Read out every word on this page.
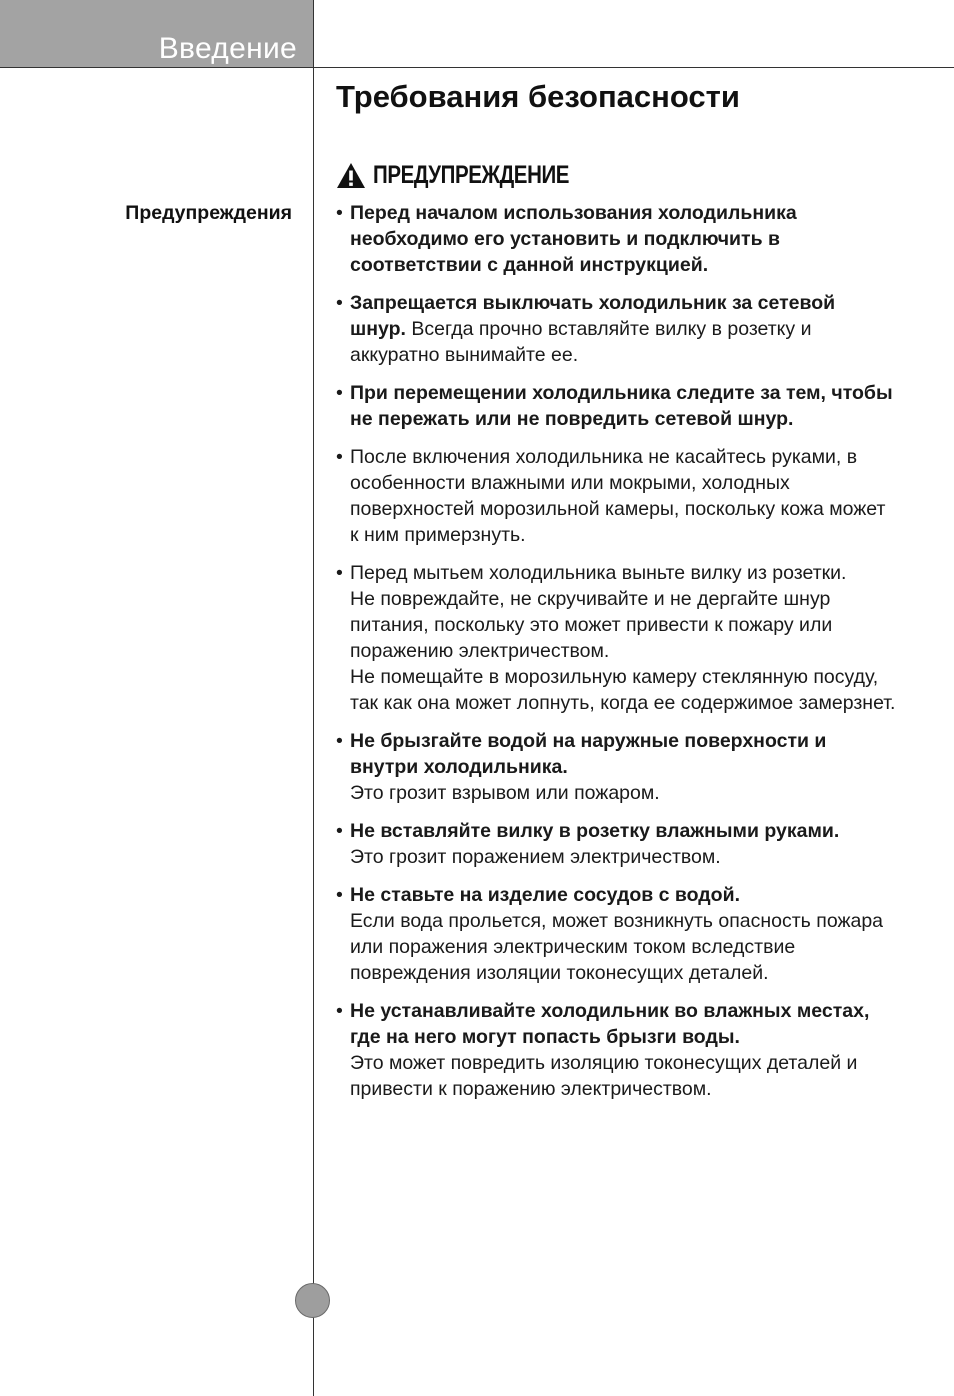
Введение
Требования безопасности
ПРЕДУПРЕЖДЕНИЕ
Предупреждения • Перед началом использования холодильника необходимо его установить и подключить в соответствии с данной инструкцией.
• Запрещается выключать холодильник за сетевой шнур. Всегда прочно вставляйте вилку в розетку и аккуратно вынимайте ее.
• При перемещении холодильника следите за тем, чтобы не пережать или не повредить сетевой шнур.
• После включения холодильника не касайтесь руками, в особенности влажными или мокрыми, холодных поверхностей морозильной камеры, поскольку кожа может к ним примерзнуть.
• Перед мытьем холодильника выньте вилку из розетки.
Не повреждайте, не скручивайте и не дергайте шнур питания, поскольку это может привести к пожару или поражению электричеством.
Не помещайте в морозильную камеру стеклянную посуду, так как она может лопнуть, когда ее содержимое замерзнет.
• Не брызгайте водой на наружные поверхности и внутри холодильника.
Это грозит взрывом или пожаром.
• Не вставляйте вилку в розетку влажными руками.
Это грозит поражением электричеством.
• Не ставьте на изделие сосудов с водой.
Если вода прольется, может возникнуть опасность пожара или поражения электрическим током вследствие повреждения изоляции токонесущих деталей.
• Не устанавливайте холодильник во влажных местах, где на него могут попасть брызги воды.
Это может повредить изоляцию токонесущих деталей и привести к поражению электричеством.
